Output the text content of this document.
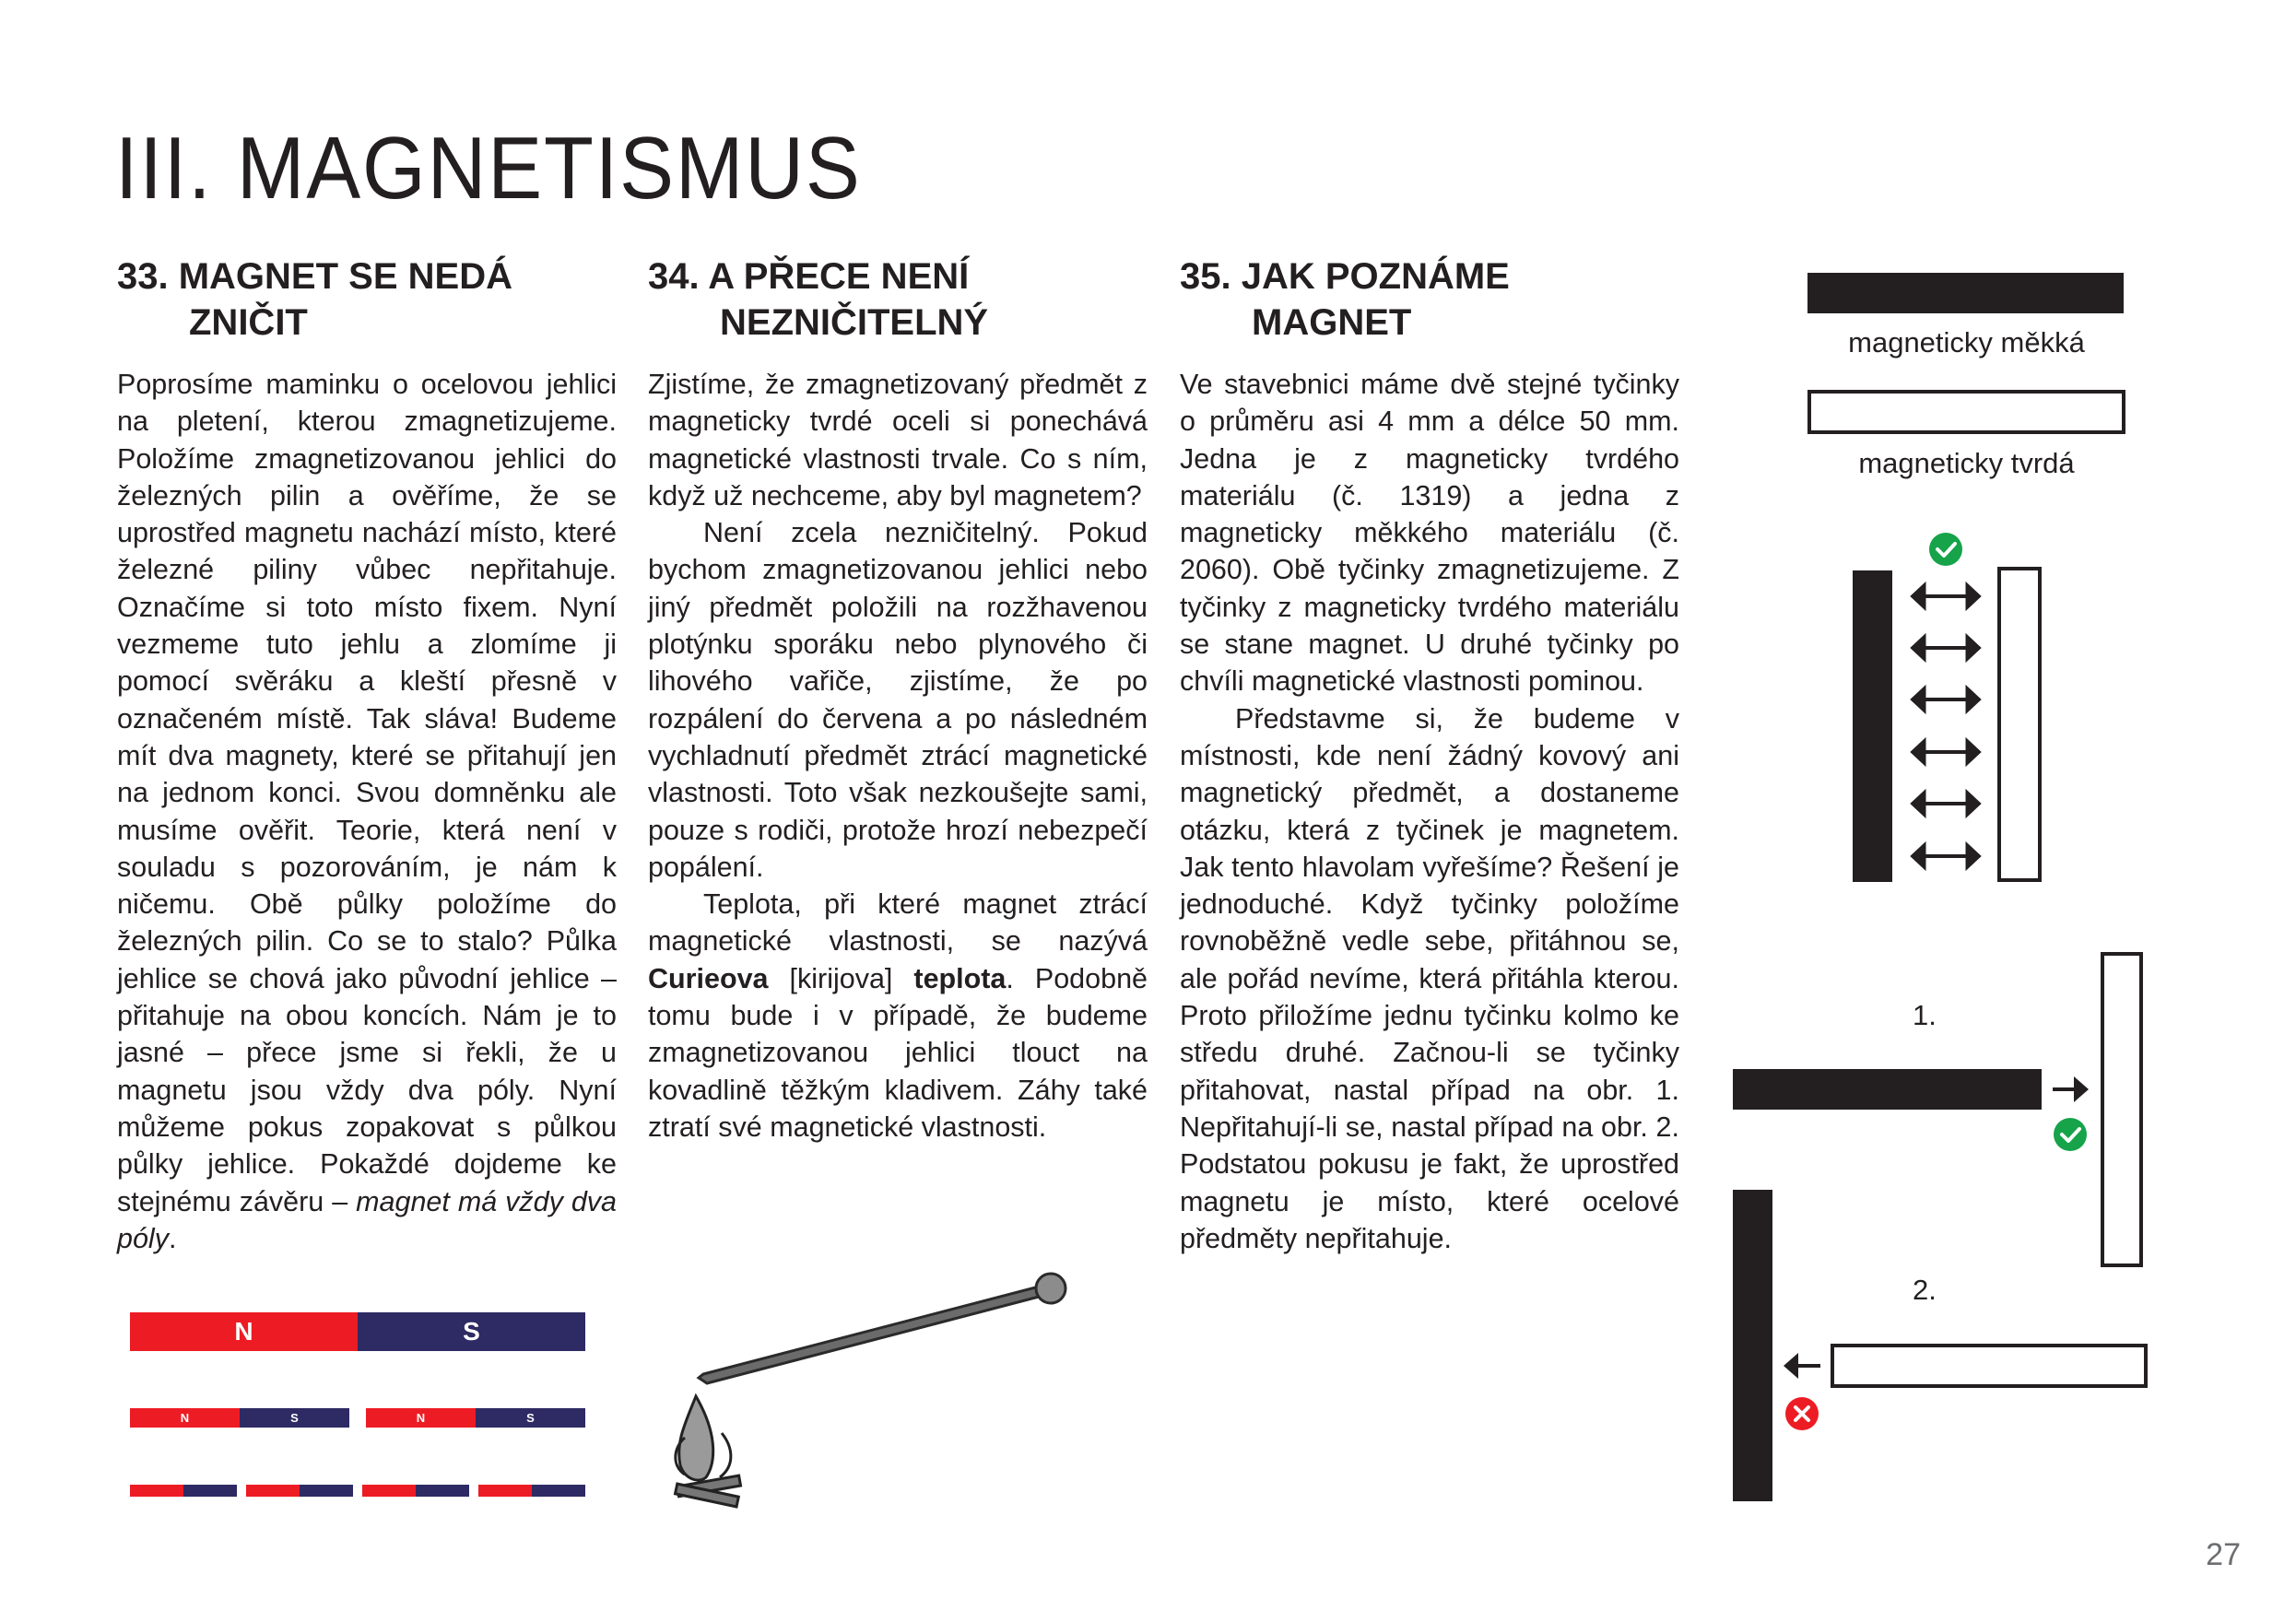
III. MAGNETISMUS
33. MAGNET SE NEDÁ
ZNIČIT

Poprosíme maminku o ocelovou jehlici na pletení, kterou zmagnetizujeme. Položíme zmagnetizovanou jehlici do železných pilin a ověříme, že se uprostřed magnetu nachází místo, které železné piliny vůbec nepřitahuje. Označíme si toto místo fixem. Nyní vezmeme tuto jehlu a zlomíme ji pomocí svěráku a kleští přesně v označeném místě. Tak sláva! Budeme mít dva magnety, které se přitahují jen na jednom konci. Svou domněnku ale musíme ověřit. Teorie, která není v souladu s pozorováním, je nám k ničemu. Obě půlky položíme do železných pilin. Co se to stalo? Půlka jehlice se chová jako původní jehlice – přitahuje na obou koncích. Nám je to jasné – přece jsme si řekli, že u magnetu jsou vždy dva póly. Nyní můžeme pokus zopakovat s půlkou půlky jehlice. Pokaždé dojdeme ke stejnému závěru – magnet má vždy dva póly.

N	S
N	S	N	S
34. A PŘECE NENÍ
NEZNIČITELNÝ

Zjistíme, že zmagnetizovaný předmět z magneticky tvrdé oceli si ponechává magnetické vlastnosti trvale. Co s ním, když už nechceme, aby byl magnetem?

Není zcela nezničitelný. Pokud bychom zmagnetizovanou jehlici nebo jiný předmět položili na rozžhavenou plotýnku sporáku nebo plynového či lihového vařiče, zjistíme, že po rozpálení do červena a po následném vychladnutí předmět ztrácí magnetické vlastnosti. Toto však nezkoušejte sami, pouze s rodiči, protože hrozí nebezpečí popálení.

Teplota, při které magnet ztrácí magnetické vlastnosti, se nazývá Curieova [kirijova] teplota. Podobně tomu bude i v případě, že budeme zmagnetizovanou jehlici tlouct na kovadlině těžkým kladivem. Záhy také ztratí své magnetické vlastnosti.

35. JAK POZNÁME
MAGNET

Ve stavebnici máme dvě stejné tyčinky o průměru asi 4 mm a délce 50 mm. Jedna je z magneticky tvrdého materiálu (č. 1319) a jedna z magneticky měkkého materiálu (č. 2060). Obě tyčinky zmagnetizujeme. Z tyčinky z magneticky tvrdého materiálu se stane magnet. U druhé tyčinky po chvíli magnetické vlastnosti pominou.

Představme si, že budeme v místnosti, kde není žádný kovový ani magnetický předmět, a dostaneme otázku, která z tyčinek je magnetem. Jak tento hlavolam vyřešíme? Řešení je jednoduché. Když tyčinky položíme rovnoběžně vedle sebe, přitáhnou se, ale pořád nevíme, která přitáhla kterou. Proto přiložíme jednu tyčinku kolmo ke středu druhé. Začnou-li se tyčinky přitahovat, nastal případ na obr. 1. Nepřitahují-li se, nastal případ na obr. 2. Podstatou pokusu je fakt, že uprostřed magnetu je místo, které ocelové předměty nepřitahuje.

magneticky měkká
magneticky tvrdá
1.
2.
27
